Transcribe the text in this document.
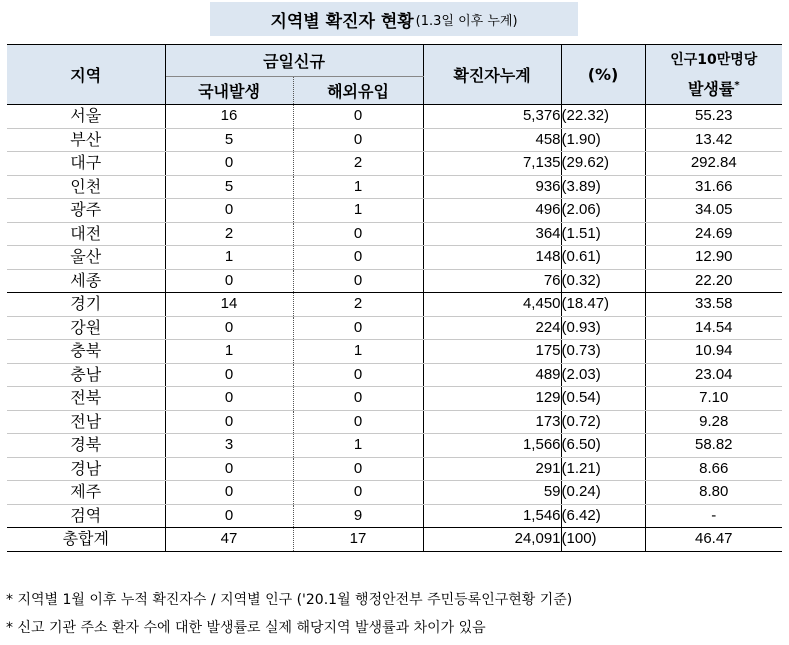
지역별 확진자 현황 (1.3일 이후 누계)
지역	금일신규		확진자누계	(%)	인구10만명당
발생률*

	국내발생	해외유입			
서울	16	0	5,376	(22.32)	55.23
부산	5	0	458	(1.90)	13.42
대구	0	2	7,135	(29.62)	292.84
인천	5	1	936	(3.89)	31.66
광주	0	1	496	(2.06)	34.05
대전	2	0	364	(1.51)	24.69
울산	1	0	148	(0.61)	12.90
세종	0	0	76	(0.32)	22.20
경기	14	2	4,450	(18.47)	33.58
강원	0	0	224	(0.93)	14.54
충북	1	1	175	(0.73)	10.94
충남	0	0	489	(2.03)	23.04
전북	0	0	129	(0.54)	7.10
전남	0	0	173	(0.72)	9.28
경북	3	1	1,566	(6.50)	58.82
경남	0	0	291	(1.21)	8.66
제주	0	0	59	(0.24)	8.80
검역	0	9	1,546	(6.42)	-
총합계	47	17	24,091	(100)	46.47
* 지역별 1월 이후 누적 확진자수 / 지역별 인구 ('20.1월 행정안전부 주민등록인구현황 기준)
* 신고 기관 주소 환자 수에 대한 발생률로 실제 해당지역 발생률과 차이가 있음
